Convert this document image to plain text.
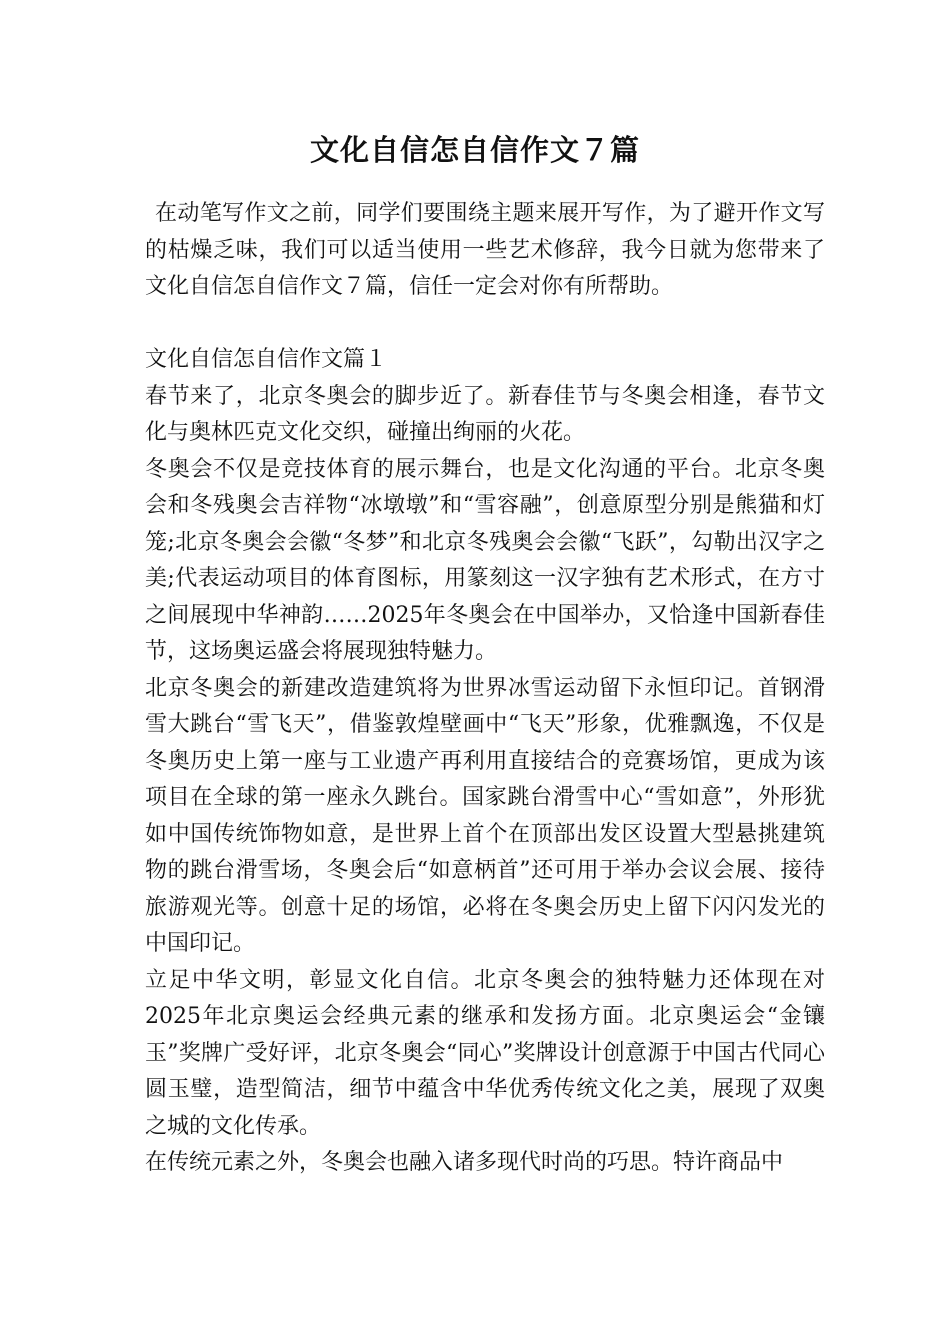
文化自信怎自信作文７篇

在动笔写作文之前，同学们要围绕主题来展开写作，为了避开作文写的枯燥乏味，我们可以适当使用一些艺术修辞，我今日就为您带来了文化自信怎自信作文７篇，信任一定会对你有所帮助。

文化自信怎自信作文篇１

春节来了，北京冬奥会的脚步近了。新春佳节与冬奥会相逢，春节文化与奥林匹克文化交织，碰撞出绚丽的火花。

冬奥会不仅是竞技体育的展示舞台，也是文化沟通的平台。北京冬奥会和冬残奥会吉祥物“冰墩墩”和“雪容融”，创意原型分别是熊猫和灯笼;北京冬奥会会徽“冬梦”和北京冬残奥会会徽“飞跃”，勾勒出汉字之美;代表运动项目的体育图标，用篆刻这一汉字独有艺术形式，在方寸之间展现中华神韵……2025年冬奥会在中国举办，又恰逢中国新春佳节，这场奥运盛会将展现独特魅力。

北京冬奥会的新建改造建筑将为世界冰雪运动留下永恒印记。首钢滑雪大跳台“雪飞天”，借鉴敦煌壁画中“飞天”形象，优雅飘逸，不仅是冬奥历史上第一座与工业遗产再利用直接结合的竞赛场馆，更成为该项目在全球的第一座永久跳台。国家跳台滑雪中心“雪如意”，外形犹如中国传统饰物如意，是世界上首个在顶部出发区设置大型悬挑建筑物的跳台滑雪场，冬奥会后“如意柄首”还可用于举办会议会展、接待旅游观光等。创意十足的场馆，必将在冬奥会历史上留下闪闪发光的中国印记。

立足中华文明，彰显文化自信。北京冬奥会的独特魅力还体现在对2025年北京奥运会经典元素的继承和发扬方面。北京奥运会“金镶玉”奖牌广受好评，北京冬奥会“同心”奖牌设计创意源于中国古代同心圆玉璧，造型简洁，细节中蕴含中华优秀传统文化之美，展现了双奥之城的文化传承。

在传统元素之外，冬奥会也融入诸多现代时尚的巧思。特许商品中
